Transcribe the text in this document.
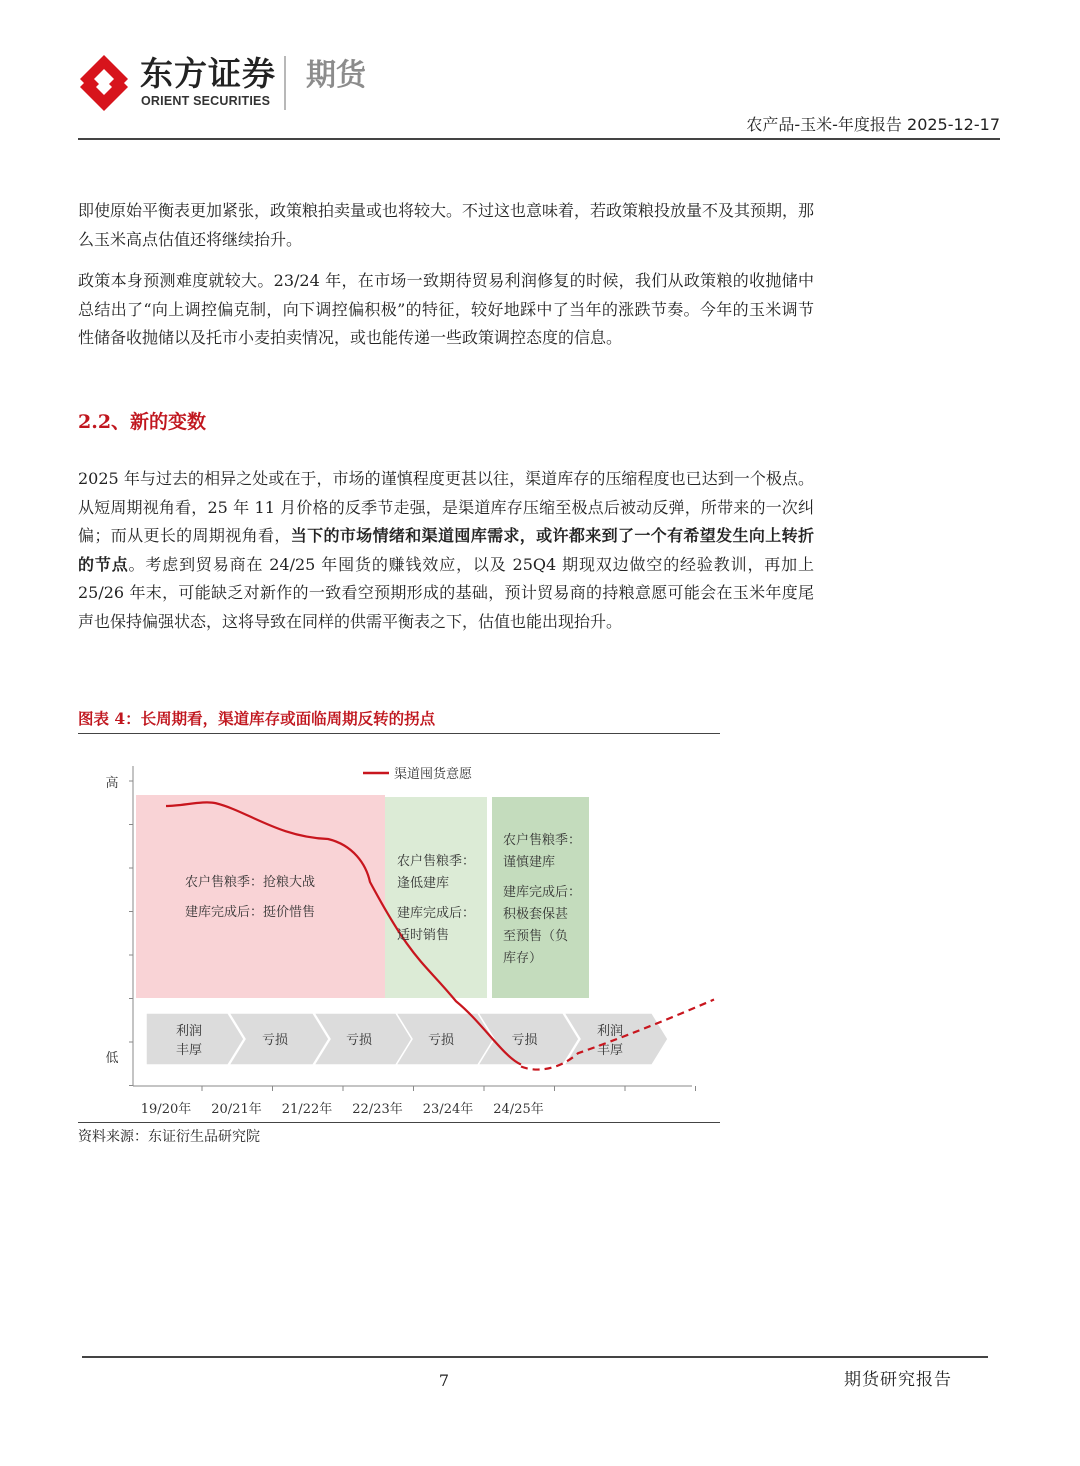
东方证券
ORIENT SECURITIES
期货
农产品-玉米-年度报告 2025-12-17

即使原始平衡表更加紧张，政策粮拍卖量或也将较大。不过这也意味着，若政策粮投放量不及其预期，那么玉米高点估值还将继续抬升。

政策本身预测难度就较大。23/24 年，在市场一致期待贸易利润修复的时候，我们从政策粮的收抛储中总结出了“向上调控偏克制，向下调控偏积极”的特征，较好地踩中了当年的涨跌节奏。今年的玉米调节性储备收抛储以及托市小麦拍卖情况，或也能传递一些政策调控态度的信息。

2.2、新的变数

2025 年与过去的相异之处或在于，市场的谨慎程度更甚以往，渠道库存的压缩程度也已达到一个极点。从短周期视角看，25 年 11 月价格的反季节走强，是渠道库存压缩至极点后被动反弹，所带来的一次纠偏；而从更长的周期视角看，当下的市场情绪和渠道囤库需求，或许都来到了一个有希望发生向上转折的节点。考虑到贸易商在 24/25 年囤货的赚钱效应，以及 25Q4 期现双边做空的经验教训，再加上 25/26 年末，可能缺乏对新作的一致看空预期形成的基础，预计贸易商的持粮意愿可能会在玉米年度尾声也保持偏强状态，这将导致在同样的供需平衡表之下，估值也能出现抬升。

图表 4：长周期看，渠道库存或面临周期反转的拐点
利润
丰厚
亏损	亏损	亏损	亏损
利润
丰厚
高
低
19/20年 20/21年 21/22年 22/23年 23/24年 24/25年
农户售粮季：抢粮大战
建库完成后：挺价惜售
农户售粮季：
逢低建库
建库完成后：
适时销售
农户售粮季：
谨慎建库
建库完成后：
积极套保甚
至预售（负
库存）
渠道囤货意愿
资料来源：东证衍生品研究院
7	期货研究报告
